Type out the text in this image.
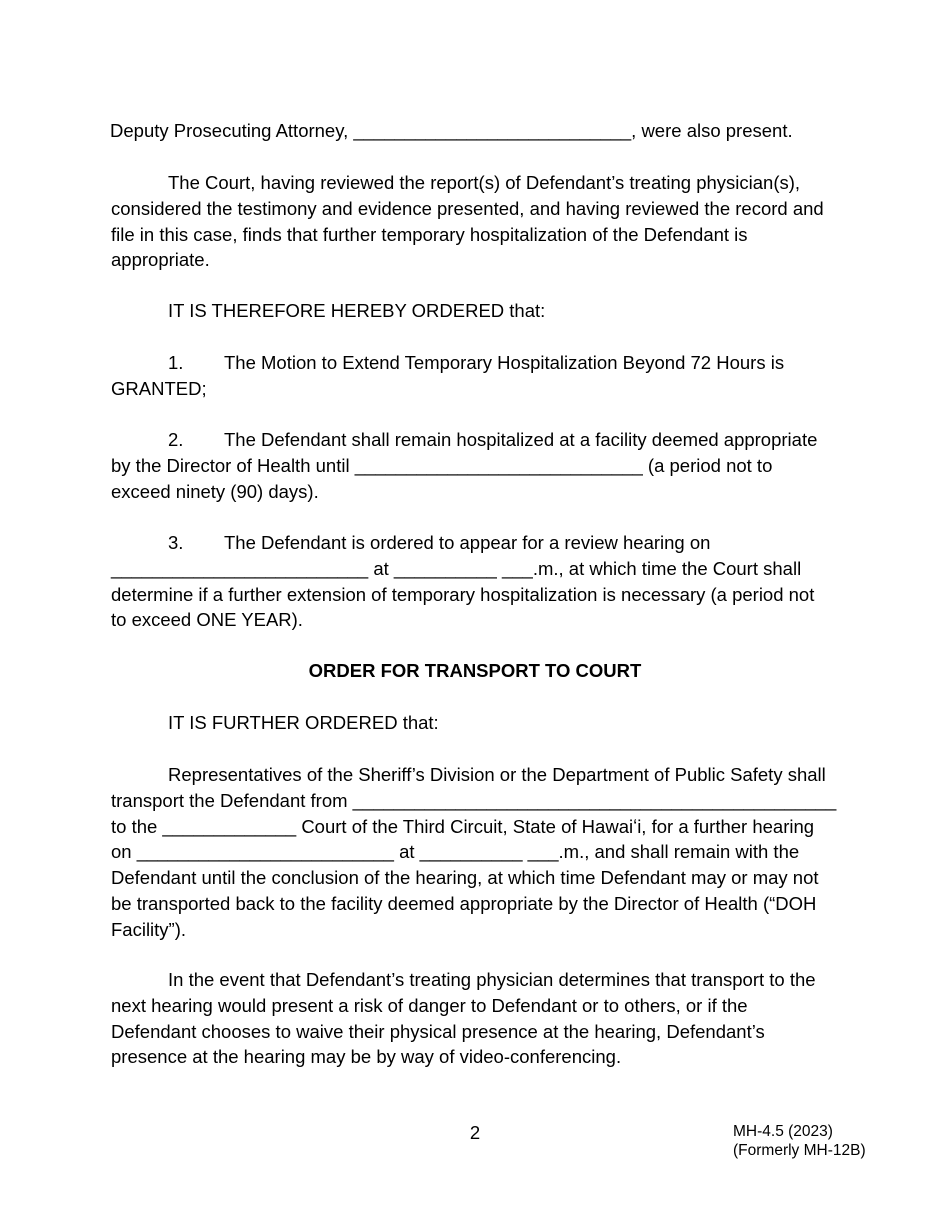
Deputy Prosecuting Attorney, ___________________________, were also present.

The Court, having reviewed the report(s) of Defendant’s treating physician(s),
considered the testimony and evidence presented, and having reviewed the record and
file in this case, finds that further temporary hospitalization of the Defendant is
appropriate.

IT IS THEREFORE HEREBY ORDERED that:

1. The Motion to Extend Temporary Hospitalization Beyond 72 Hours is
GRANTED;

2. The Defendant shall remain hospitalized at a facility deemed appropriate
by the Director of Health until ____________________________ (a period not to
exceed ninety (90) days).

3. The Defendant is ordered to appear for a review hearing on
_________________________ at __________ ___.m., at which time the Court shall
determine if a further extension of temporary hospitalization is necessary (a period not
to exceed ONE YEAR).

ORDER FOR TRANSPORT TO COURT

IT IS FURTHER ORDERED that:

Representatives of the Sheriff’s Division or the Department of Public Safety shall
transport the Defendant from _______________________________________________
to the _____________ Court of the Third Circuit, State of Hawaiʻi, for a further hearing
on _________________________ at __________ ___.m., and shall remain with the
Defendant until the conclusion of the hearing, at which time Defendant may or may not
be transported back to the facility deemed appropriate by the Director of Health (“DOH
Facility”).

In the event that Defendant’s treating physician determines that transport to the
next hearing would present a risk of danger to Defendant or to others, or if the
Defendant chooses to waive their physical presence at the hearing, Defendant’s
presence at the hearing may be by way of video-conferencing.

2	MH-4.5 (2023)
(Formerly MH-12B)
